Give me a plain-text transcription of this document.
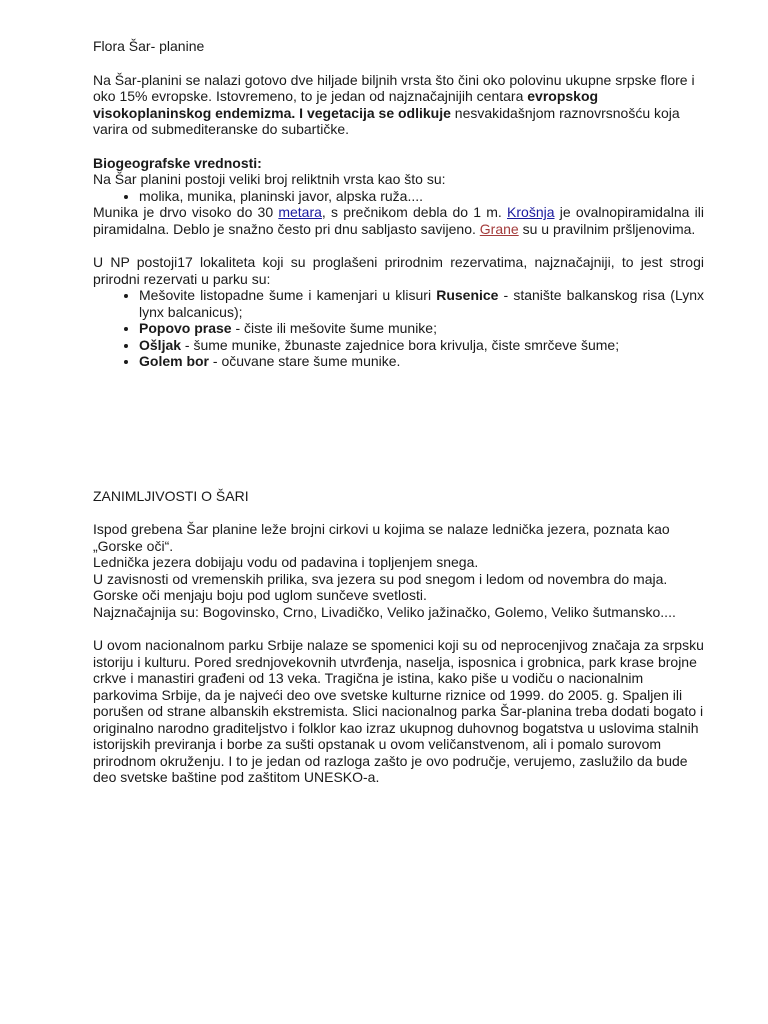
Flora Šar- planine

Na Šar-planini se nalazi gotovo dve hiljade biljnih vrsta što čini oko polovinu ukupne srpske flore i oko 15% evropske. Istovremeno, to je jedan od najznačajnijih centara evropskog visokoplaninskog endemizma. I vegetacija se odlikuje nesvakidašnjom raznovrsnošću koja varira od submediteranske do subartičke.

Biogeografske vrednosti:

Na Šar planini postoji veliki broj reliktnih vrsta kao što su:

• molika, munika, planinski javor, alpska ruža....

Munika je drvo visoko do 30 metara, s prečnikom debla do 1 m. Krošnja je ovalnopiramidalna ili piramidalna. Deblo je snažno često pri dnu sabljasto savijeno. Grane su u pravilnim pršljenovima.

U NP postoji17 lokaliteta koji su proglašeni prirodnim rezervatima, najznačajniji, to jest strogi prirodni rezervati u parku su:

• Mešovite listopadne šume i kamenjari u klisuri Rusenice - stanište balkanskog risa (Lynx lynx balcanicus);
• Popovo prase - čiste ili mešovite šume munike;
• Ošljak - šume munike, žbunaste zajednice bora krivulja, čiste smrčeve šume;
• Golem bor - očuvane stare šume munike.

ZANIMLJIVOSTI O ŠARI

Ispod grebena Šar planine leže brojni cirkovi u kojima se nalaze lednička jezera, poznata kao „Gorske oči“.

Lednička jezera dobijaju vodu od padavina i topljenjem snega.

U zavisnosti od vremenskih prilika, sva jezera su pod snegom i ledom od novembra do maja.

Gorske oči menjaju boju pod uglom sunčeve svetlosti.

Najznačajnija su: Bogovinsko, Crno, Livadičko, Veliko jažinačko, Golemo, Veliko šutmansko....

U ovom nacionalnom parku Srbije nalaze se spomenici koji su od neprocenjivog značaja za srpsku istoriju i kulturu. Pored srednjovekovnih utvrđenja, naselja, isposnica i grobnica, park krase brojne crkve i manastiri građeni od 13 veka. Tragična je istina, kako piše u vodiču o nacionalnim parkovima Srbije, da je najveći deo ove svetske kulturne riznice od 1999. do 2005. g. Spaljen ili porušen od strane albanskih ekstremista. Slici nacionalnog parka Šar-planina treba dodati bogato i originalno narodno graditeljstvo i folklor kao izraz ukupnog duhovnog bogatstva u uslovima stalnih istorijskih previranja i borbe za sušti opstanak u ovom veličanstvenom, ali i pomalo surovom prirodnom okruženju. I to je jedan od razloga zašto je ovo područje, verujemo, zaslužilo da bude deo svetske baštine pod zaštitom UNESKO-a.
